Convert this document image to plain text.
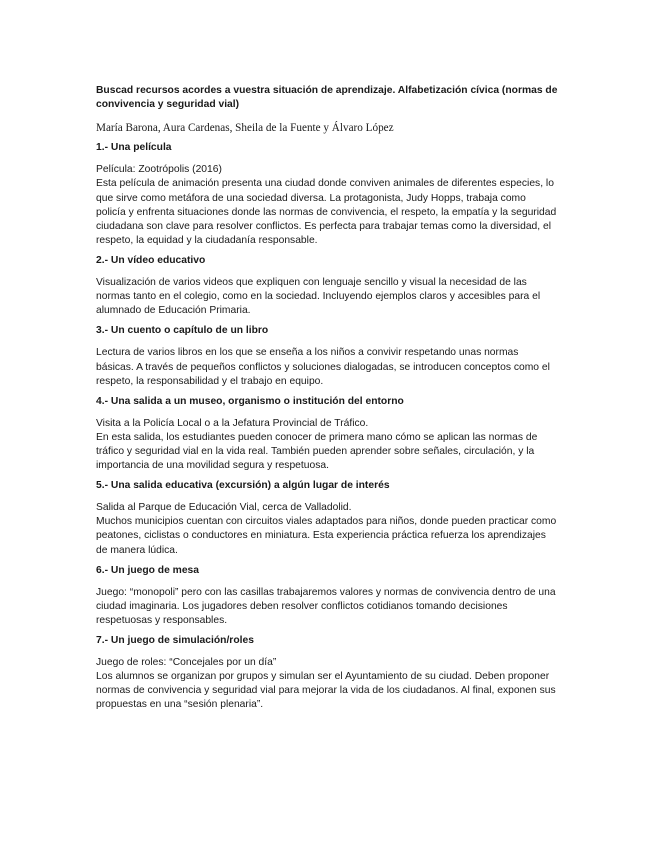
Buscad recursos acordes a vuestra situación de aprendizaje. Alfabetización cívica (normas de convivencia y seguridad vial)

María Barona, Aura Cardenas, Sheila de la Fuente y Álvaro López

1.- Una película

Película: Zootrópolis (2016)

Esta película de animación presenta una ciudad donde conviven animales de diferentes especies, lo que sirve como metáfora de una sociedad diversa. La protagonista, Judy Hopps, trabaja como policía y enfrenta situaciones donde las normas de convivencia, el respeto, la empatía y la seguridad ciudadana son clave para resolver conflictos. Es perfecta para trabajar temas como la diversidad, el respeto, la equidad y la ciudadanía responsable.

2.- Un vídeo educativo

Visualización de varios videos que expliquen con lenguaje sencillo y visual la necesidad de las normas tanto en el colegio, como en la sociedad. Incluyendo ejemplos claros y accesibles para el alumnado de Educación Primaria.

3.- Un cuento o capítulo de un libro

Lectura de varios libros en los que se enseña a los niños a convivir respetando unas normas básicas. A través de pequeños conflictos y soluciones dialogadas, se introducen conceptos como el respeto, la responsabilidad y el trabajo en equipo.

4.- Una salida a un museo, organismo o institución del entorno

Visita a la Policía Local o a la Jefatura Provincial de Tráfico.

En esta salida, los estudiantes pueden conocer de primera mano cómo se aplican las normas de tráfico y seguridad vial en la vida real. También pueden aprender sobre señales, circulación, y la importancia de una movilidad segura y respetuosa.

5.- Una salida educativa (excursión) a algún lugar de interés

Salida al Parque de Educación Vial, cerca de Valladolid.

Muchos municipios cuentan con circuitos viales adaptados para niños, donde pueden practicar como peatones, ciclistas o conductores en miniatura. Esta experiencia práctica refuerza los aprendizajes de manera lúdica.

6.- Un juego de mesa

Juego: “monopoli” pero con las casillas trabajaremos valores y normas de convivencia dentro de una ciudad imaginaria. Los jugadores deben resolver conflictos cotidianos tomando decisiones respetuosas y responsables.

7.- Un juego de simulación/roles

Juego de roles: “Concejales por un día”

Los alumnos se organizan por grupos y simulan ser el Ayuntamiento de su ciudad. Deben proponer normas de convivencia y seguridad vial para mejorar la vida de los ciudadanos. Al final, exponen sus propuestas en una “sesión plenaria”.
